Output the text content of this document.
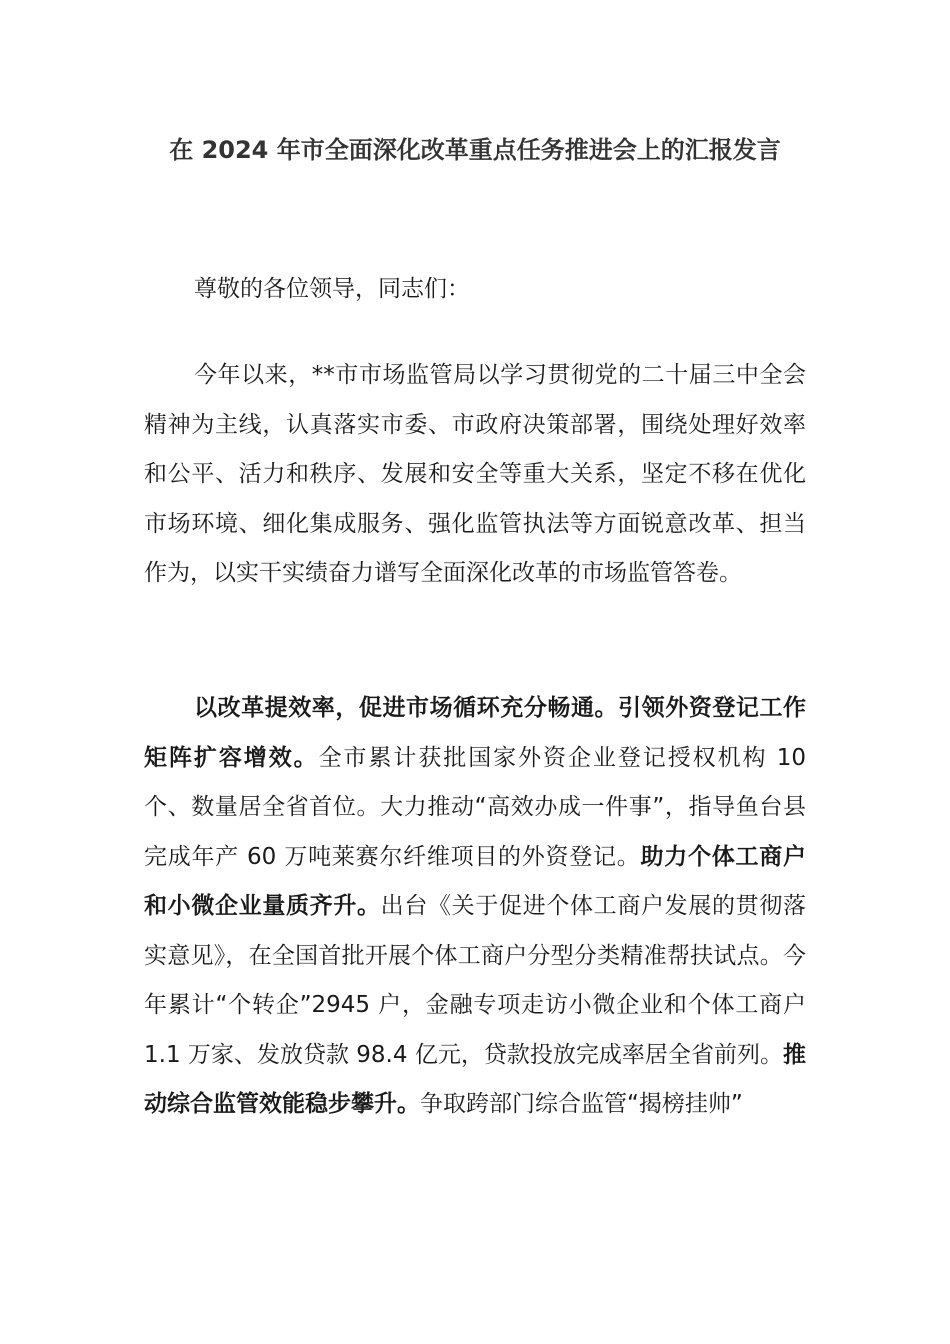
在 2024 年市全面深化改革重点任务推进会上的汇报发言
尊敬的各位领导，同志们：
今年以来，**市市场监管局以学习贯彻党的二十届三中全会精神为主线，认真落实市委、市政府决策部署，围绕处理好效率和公平、活力和秩序、发展和安全等重大关系，坚定不移在优化市场环境、细化集成服务、强化监管执法等方面锐意改革、担当作为，以实干实绩奋力谱写全面深化改革的市场监管答卷。
以改革提效率，促进市场循环充分畅通。引领外资登记工作矩阵扩容增效。全市累计获批国家外资企业登记授权机构 10 个、数量居全省首位。大力推动“高效办成一件事”，指导鱼台县完成年产 60 万吨莱赛尔纤维项目的外资登记。助力个体工商户和小微企业量质齐升。出台《关于促进个体工商户发展的贯彻落实意见》，在全国首批开展个体工商户分型分类精准帮扶试点。今年累计“个转企”2945 户，金融专项走访小微企业和个体工商户 1.1 万家、发放贷款 98.4 亿元，贷款投放完成率居全省前列。推动综合监管效能稳步攀升。争取跨部门综合监管“揭榜挂帅”
